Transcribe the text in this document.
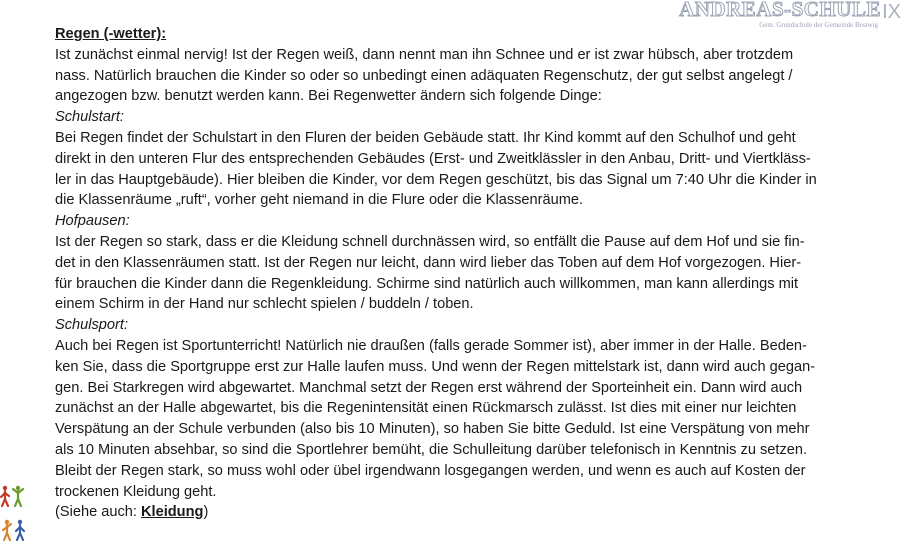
ANDREAS-SCHULE IX
Gem. Grundschule der Gemeinde Bestwig
Regen (-wetter):
Ist zunächst einmal nervig! Ist der Regen weiß, dann nennt man ihn Schnee und er ist zwar hübsch, aber trotzdem
nass. Natürlich brauchen die Kinder so oder so unbedingt einen adäquaten Regenschutz, der gut selbst angelegt /
angezogen bzw. benutzt werden kann. Bei Regenwetter ändern sich folgende Dinge:
Schulstart:
Bei Regen findet der Schulstart in den Fluren der beiden Gebäude statt. Ihr Kind kommt auf den Schulhof und geht
direkt in den unteren Flur des entsprechenden Gebäudes (Erst- und Zweitklässler in den Anbau, Dritt- und Viertkläss‑
ler in das Hauptgebäude). Hier bleiben die Kinder, vor dem Regen geschützt, bis das Signal um 7:40 Uhr die Kinder in
die Klassenräume „ruft“, vorher geht niemand in die Flure oder die Klassenräume.
Hofpausen:
Ist der Regen so stark, dass er die Kleidung schnell durchnässen wird, so entfällt die Pause auf dem Hof und sie fin‑
det in den Klassenräumen statt. Ist der Regen nur leicht, dann wird lieber das Toben auf dem Hof vorgezogen. Hier‑
für brauchen die Kinder dann die Regenkleidung. Schirme sind natürlich auch willkommen, man kann allerdings mit
einem Schirm in der Hand nur schlecht spielen / buddeln / toben.
Schulsport:
Auch bei Regen ist Sportunterricht! Natürlich nie draußen (falls gerade Sommer ist), aber immer in der Halle. Beden‑
ken Sie, dass die Sportgruppe erst zur Halle laufen muss. Und wenn der Regen mittelstark ist, dann wird auch gegan‑
gen. Bei Starkregen wird abgewartet. Manchmal setzt der Regen erst während der Sporteinheit ein. Dann wird auch
zunächst an der Halle abgewartet, bis die Regenintensität einen Rückmarsch zulässt. Ist dies mit einer nur leichten
Verspätung an der Schule verbunden (also bis 10 Minuten), so haben Sie bitte Geduld. Ist eine Verspätung von mehr
als 10 Minuten absehbar, so sind die Sportlehrer bemüht, die Schulleitung darüber telefonisch in Kenntnis zu setzen.
Bleibt der Regen stark, so muss wohl oder übel irgendwann losgegangen werden, und wenn es auch auf Kosten der
trockenen Kleidung geht.
(Siehe auch: Kleidung)
